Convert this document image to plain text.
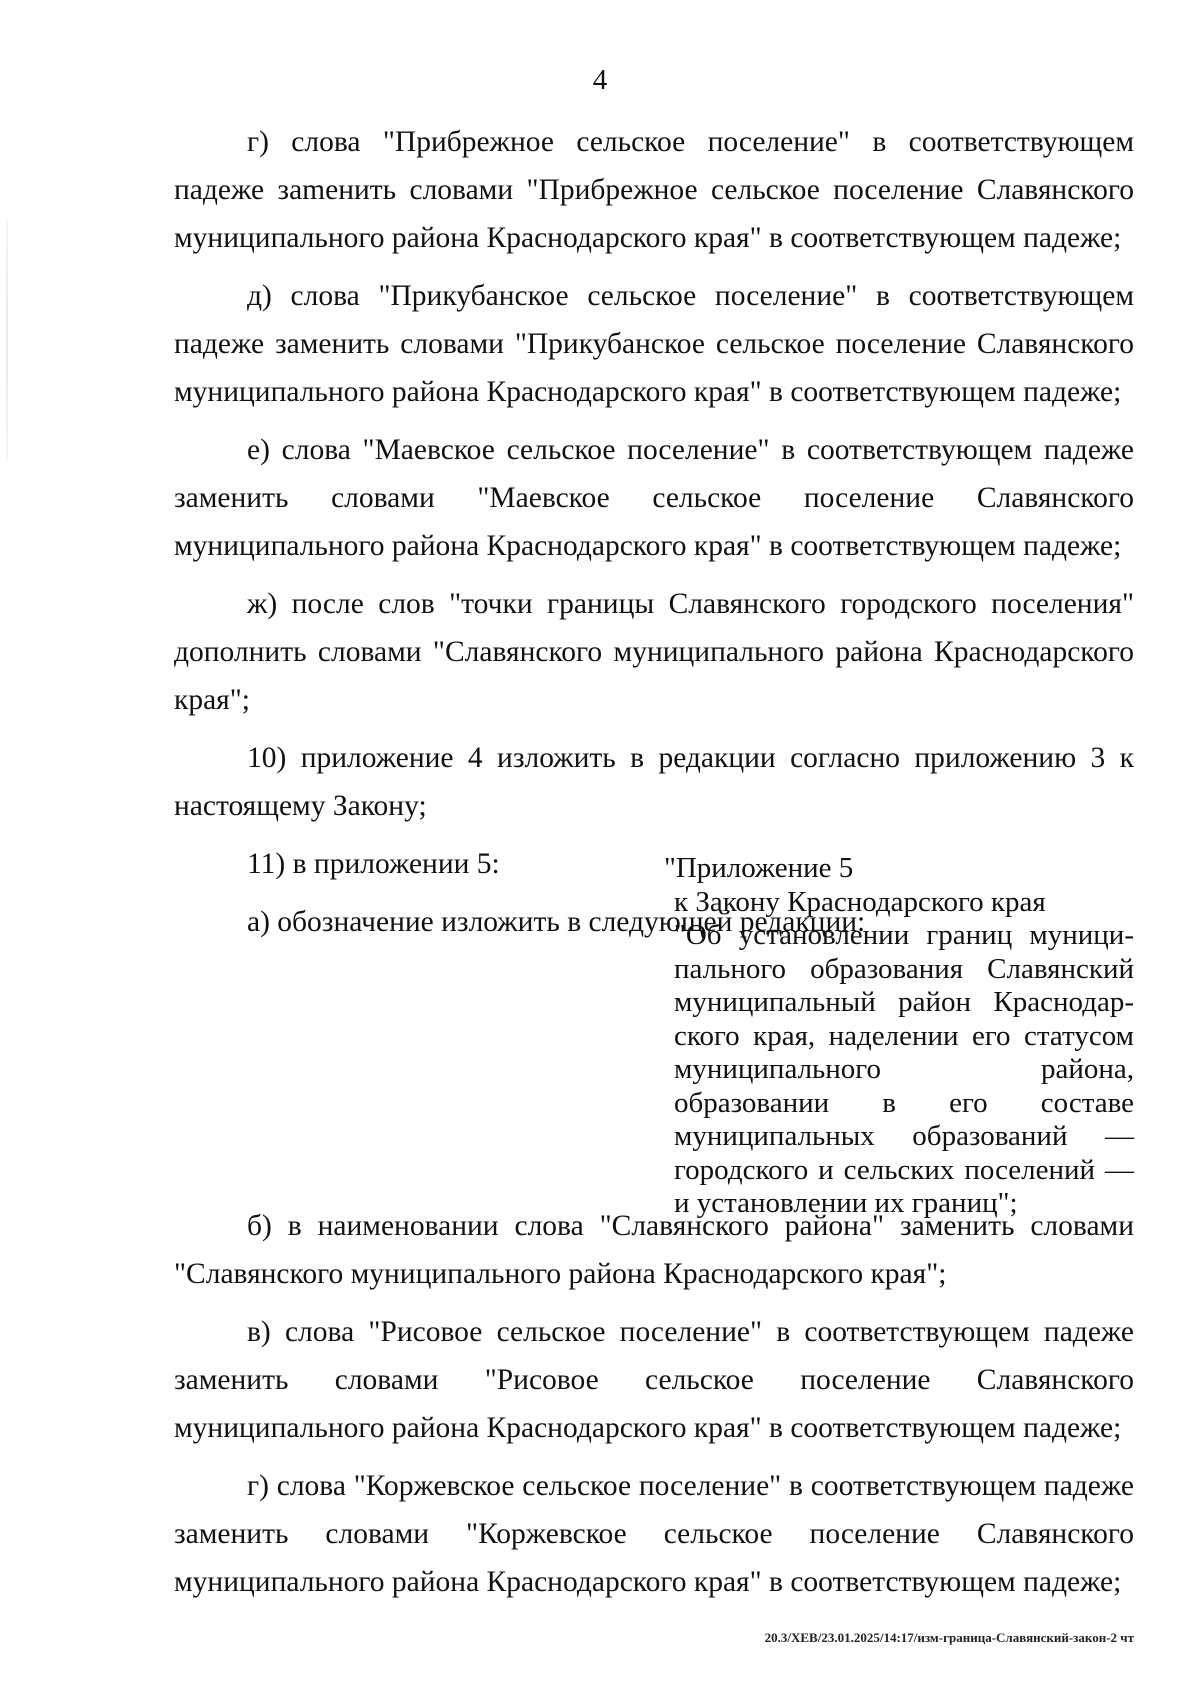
4

г) слова "Прибрежное сельское поселение" в соответствующем падеже заmенить словами "Прибрежное сельское поселение Славянского муниципального района Краснодарского края" в соответствующем падеже;

д) слова "Прикубанское сельское поселение" в соответствующем падеже заменить словами "Прикубанское сельское поселение Славянского муниципального района Краснодарского края" в соответствующем падеже;

е) слова "Маевское сельское поселение" в соответствующем падеже заменить словами "Маевское сельское поселение Славянского муниципального района Краснодарского края" в соответствующем падеже;

ж) после слов "точки границы Славянского городского поселения" дополнить словами "Славянского муниципального района Краснодарского края";

10) приложение 4 изложить в редакции согласно приложению 3 к настоящему Закону;

11) в приложении 5:

а) обозначение изложить в следующей редакции:

"Приложение 5

к Закону Краснодарского края

"Об установлении границ муниципального образования Славянский муниципальный район Краснодарского края, наделении его статусом муниципального района, образовании в его составе муниципальных образований — городского и сельских поселений — и установлении их границ";

б) в наименовании слова "Славянского района" заменить словами "Славянского муниципального района Краснодарского края";

в) слова "Рисовое сельское поселение" в соответствующем падеже заменить словами "Рисовое сельское поселение Славянского муниципального района Краснодарского края" в соответствующем падеже;

г) слова "Коржевское сельское поселение" в соответствующем падеже заменить словами "Коржевское сельское поселение Славянского муниципального района Краснодарского края" в соответствующем падеже;

20.3/ХЕВ/23.01.2025/14:17/изм-граница-Славянский-закон-2 чт
